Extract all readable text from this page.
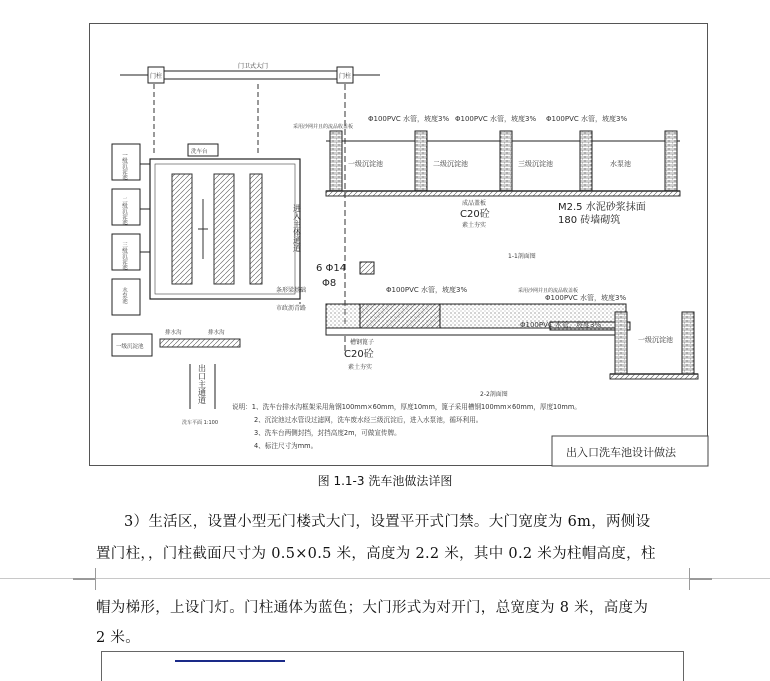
门柱	门柱
门卫式大门
洗车台
一级沉淀池
二级沉淀池
三级沉淀池
水泵池
一级沉淀池
排水沟	排水沟
进入主体通道
出口主通道
洗车平面 1:100
采用沙网并且的流品收盖板
Φ100PVC 水管，坡度3% Φ100PVC 水管，坡度3% Φ100PVC 水管，坡度3%
一级沉淀池	二级沉淀池	三级沉淀池	水泵池
成品盖板
C20砼
素土夯实
M2.5 水泥砂浆抹面
180 砖墙砌筑
1-1剖面图
6 Φ14
Φ8
条形梁基础
市政沥青路
Φ100PVC 水管，坡度3%	采用沙网并且的流品收盖板
Φ100PVC 水管，坡度3%
一级沉淀池
槽钢篦子
C20砼
素土夯实
2-2剖面图
说明：1、洗车台排水沟框架采用角钢100mm×60mm，厚度10mm，篦子采用槽钢100mm×60mm，厚度10mm。
2、沉淀池过水管设过滤网，洗车废水经三级沉淀后，进入水泵池，循环利用。
3、洗车台两侧封挡，封挡高度2m，可做宣传牌。
4、标注尺寸为mm。	出入口洗车池设计做法
图 1.1-3 洗车池做法详图
3）生活区，设置小型无门楼式大门，设置平开式门禁。大门宽度为 6m，两侧设
置门柱，，门柱截面尺寸为 0.5×0.5 米，高度为 2.2 米，其中 0.2 米为柱帽高度，柱
帽为梯形，上设门灯。门柱通体为蓝色；大门形式为对开门，总宽度为 8 米，高度为
2 米。
